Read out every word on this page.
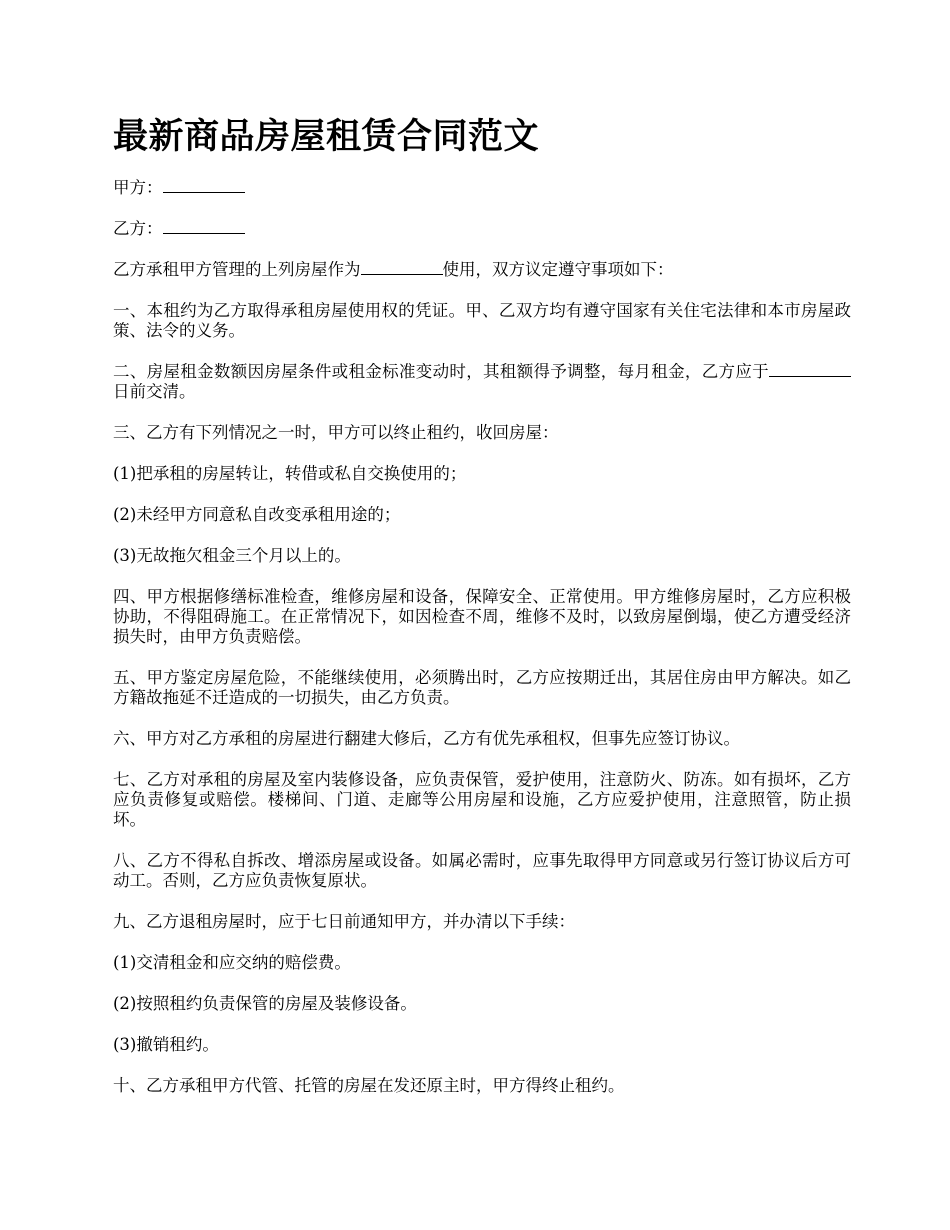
最新商品房屋租赁合同范文

甲方：

乙方：

乙方承租甲方管理的上列房屋作为	使用，双方议定遵守事项如下：

一、本租约为乙方取得承租房屋使用权的凭证。甲、乙双方均有遵守国家有关住宅法律和本市房屋政策、法令的义务。

二、房屋租金数额因房屋条件或租金标准变动时，其租额得予调整，每月租金，乙方应于日前交清。

三、乙方有下列情况之一时，甲方可以终止租约，收回房屋：

(1)把承租的房屋转让，转借或私自交换使用的；

(2)未经甲方同意私自改变承租用途的；

(3)无故拖欠租金三个月以上的。

四、甲方根据修缮标准检查，维修房屋和设备，保障安全、正常使用。甲方维修房屋时，乙方应积极协助，不得阻碍施工。在正常情况下，如因检查不周，维修不及时，以致房屋倒塌，使乙方遭受经济损失时，由甲方负责赔偿。

五、甲方鉴定房屋危险，不能继续使用，必须腾出时，乙方应按期迁出，其居住房由甲方解决。如乙方籍故拖延不迁造成的一切损失，由乙方负责。

六、甲方对乙方承租的房屋进行翻建大修后，乙方有优先承租权，但事先应签订协议。

七、乙方对承租的房屋及室内装修设备，应负责保管，爱护使用，注意防火、防冻。如有损坏，乙方应负责修复或赔偿。楼梯间、门道、走廊等公用房屋和设施，乙方应爱护使用，注意照管，防止损坏。

八、乙方不得私自拆改、增添房屋或设备。如属必需时，应事先取得甲方同意或另行签订协议后方可动工。否则，乙方应负责恢复原状。

九、乙方退租房屋时，应于七日前通知甲方，并办清以下手续：

(1)交清租金和应交纳的赔偿费。

(2)按照租约负责保管的房屋及装修设备。

(3)撤销租约。

十、乙方承租甲方代管、托管的房屋在发还原主时，甲方得终止租约。
